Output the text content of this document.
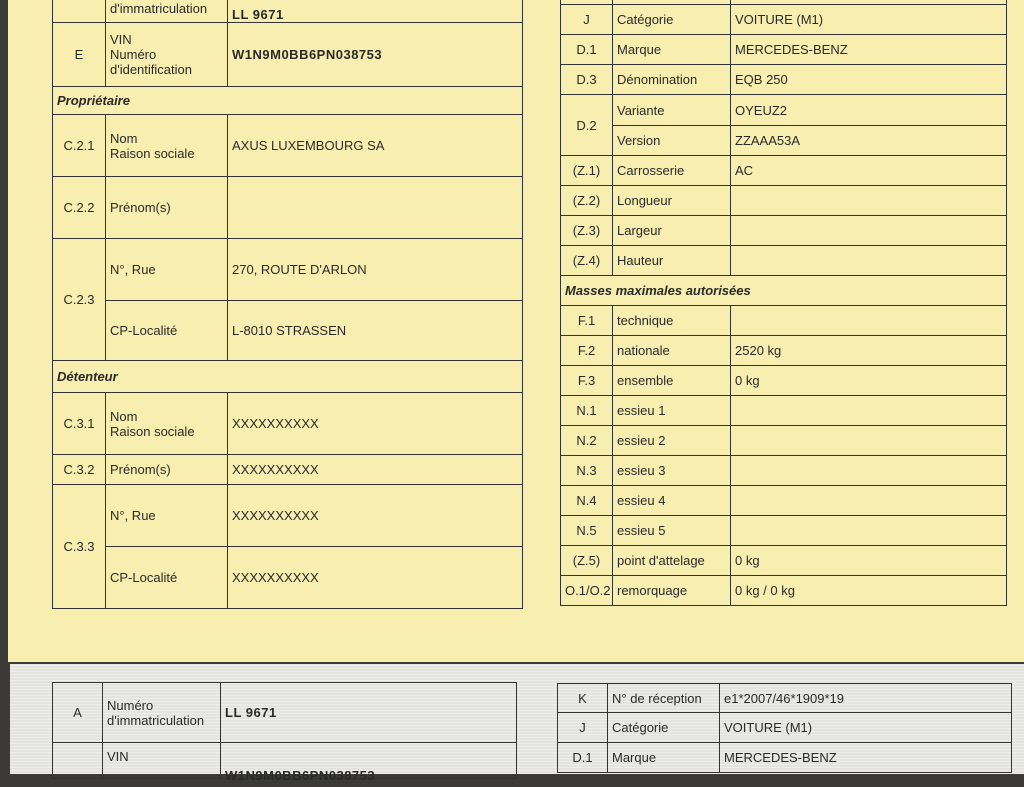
	d'immatriculation	LL 9671
E	VIN
Numéro
d'identification	W1N9M0BB6PN038753
Propriétaire		
C.2.1	Nom
Raison sociale	AXUS LUXEMBOURG SA
C.2.2	Prénom(s)	
C.2.3	N°, Rue	270, ROUTE D'ARLON
	CP-Localité	L-8010 STRASSEN
Détenteur		
C.3.1	Nom
Raison sociale	XXXXXXXXXX
C.3.2	Prénom(s)	XXXXXXXXXX
C.3.3	N°, Rue	XXXXXXXXXX
	CP-Localité	XXXXXXXXXX

J	Catégorie	VOITURE (M1)
D.1	Marque	MERCEDES-BENZ
D.3	Dénomination	EQB 250
D.2	Variante	OYEUZ2
	Version	ZZAAA53A
(Z.1)	Carrosserie	AC
(Z.2)	Longueur	
(Z.3)	Largeur	
(Z.4)	Hauteur	
Masses maximales autorisées		
F.1	technique	
F.2	nationale	2520 kg
F.3	ensemble	0 kg
N.1	essieu 1	
N.2	essieu 2	
N.3	essieu 3	
N.4	essieu 4	
N.5	essieu 5	
(Z.5)	point d'attelage	0 kg
O.1/O.2	remorquage	0 kg / 0 kg
A	Numéro
d'immatriculation	LL 9671
	VIN	W1N9M0BB6PN038753
K	N° de réception	e1*2007/46*1909*19
J	Catégorie	VOITURE (M1)
D.1	Marque	MERCEDES-BENZ
